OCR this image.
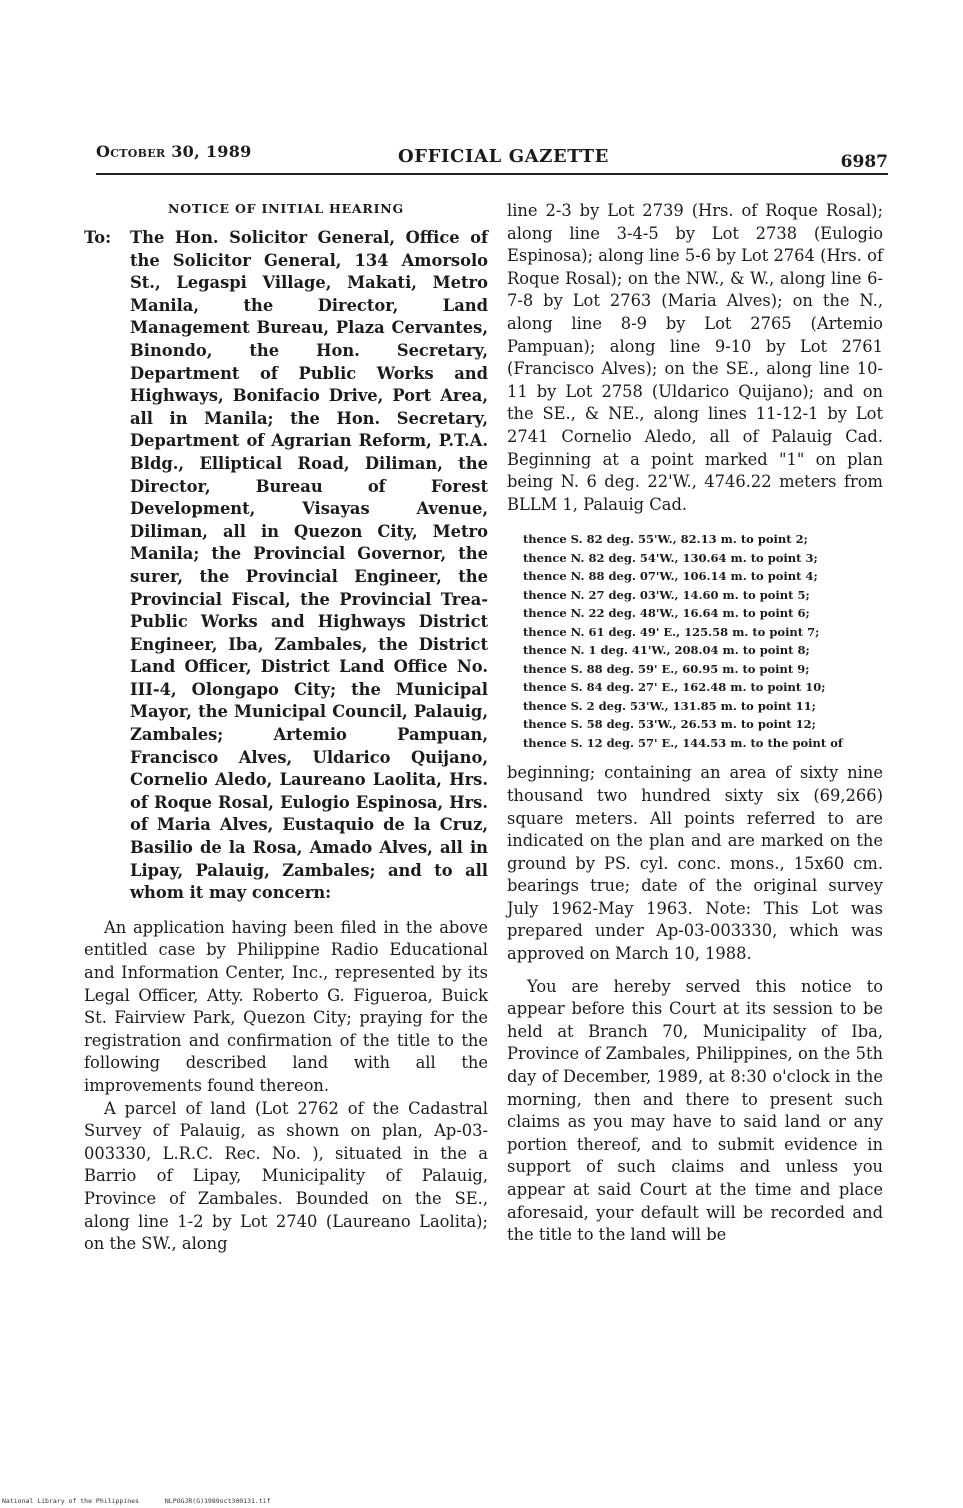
October 30, 1989	OFFICIAL GAZETTE	6987

NOTICE OF INITIAL HEARING

To: The Hon. Solicitor General, Office of the Solicitor General, 134 Amorsolo St., Legaspi Village, Makati, Metro Manila, the Director, Land Management Bureau, Plaza Cervantes, Binondo, the Hon. Secretary, Department of Public Works and Highways, Bonifacio Drive, Port Area, all in Manila; the Hon. Secretary, Department of Agrarian Reform, P.T.A. Bldg., Elliptical Road, Diliman, the Director, Bureau of Forest Development, Visayas Avenue, Diliman, all in Quezon City, Metro Manila; the Provincial Governor, the surer, the Provincial Engineer, the Provincial Fiscal, the Provincial Trea- Public Works and Highways District Engineer, Iba, Zambales, the District Land Officer, District Land Office No. III-4, Olongapo City; the Municipal Mayor, the Municipal Council, Palauig, Zambales; Artemio Pampuan, Francisco Alves, Uldarico Quijano, Cornelio Aledo, Laureano Laolita, Hrs. of Roque Rosal, Eulogio Espinosa, Hrs. of Maria Alves, Eustaquio de la Cruz, Basilio de la Rosa, Amado Alves, all in Lipay, Palauig, Zambales; and to all whom it may concern:

An application having been filed in the above entitled case by Philippine Radio Educational and Information Center, Inc., represented by its Legal Officer, Atty. Roberto G. Figueroa, Buick St. Fairview Park, Quezon City; praying for the registration and confirmation of the title to the following described land with all the improvements found thereon.

A parcel of land (Lot 2762 of the Cadastral Survey of Palauig, as shown on plan, Ap-03-003330, L.R.C. Rec. No. ), situated in the a Barrio of Lipay, Municipality of Palauig, Province of Zambales. Bounded on the SE., along line 1-2 by Lot 2740 (Laureano Laolita); on the SW., along

line 2-3 by Lot 2739 (Hrs. of Roque Rosal); along line 3-4-5 by Lot 2738 (Eulogio Espinosa); along line 5-6 by Lot 2764 (Hrs. of Roque Rosal); on the NW., & W., along line 6-7-8 by Lot 2763 (Maria Alves); on the N., along line 8-9 by Lot 2765 (Artemio Pampuan); along line 9-10 by Lot 2761 (Francisco Alves); on the SE., along line 10-11 by Lot 2758 (Uldarico Quijano); and on the SE., & NE., along lines 11-12-1 by Lot 2741 Cornelio Aledo, all of Palauig Cad. Beginning at a point marked "1" on plan being N. 6 deg. 22'W., 4746.22 meters from BLLM 1, Palauig Cad.

thence S. 82 deg. 55'W., 82.13 m. to point 2;
thence N. 82 deg. 54'W., 130.64 m. to point 3;
thence N. 88 deg. 07'W., 106.14 m. to point 4;
thence N. 27 deg. 03'W., 14.60 m. to point 5;
thence N. 22 deg. 48'W., 16.64 m. to point 6;
thence N. 61 deg. 49' E., 125.58 m. to point 7;
thence N. 1 deg. 41'W., 208.04 m. to point 8;
thence S. 88 deg. 59' E., 60.95 m. to point 9;
thence S. 84 deg. 27' E., 162.48 m. to point 10;
thence S. 2 deg. 53'W., 131.85 m. to point 11;
thence S. 58 deg. 53'W., 26.53 m. to point 12;
thence S. 12 deg. 57' E., 144.53 m. to the point of

beginning; containing an area of sixty nine thousand two hundred sixty six (69,266) square meters. All points referred to are indicated on the plan and are marked on the ground by PS. cyl. conc. mons., 15x60 cm. bearings true; date of the original survey July 1962-May 1963. Note: This Lot was prepared under Ap-03-003330, which was approved on March 10, 1988.

You are hereby served this notice to appear before this Court at its session to be held at Branch 70, Municipality of Iba, Province of Zambales, Philippines, on the 5th day of December, 1989, at 8:30 o'clock in the morning, then and there to present such claims as you may have to said land or any portion thereof, and to submit evidence in support of such claims and unless you appear at said Court at the time and place aforesaid, your default will be recorded and the title to the land will be

National Library of the Philippines	NLPOGJR(G)1989oct300131.tif
